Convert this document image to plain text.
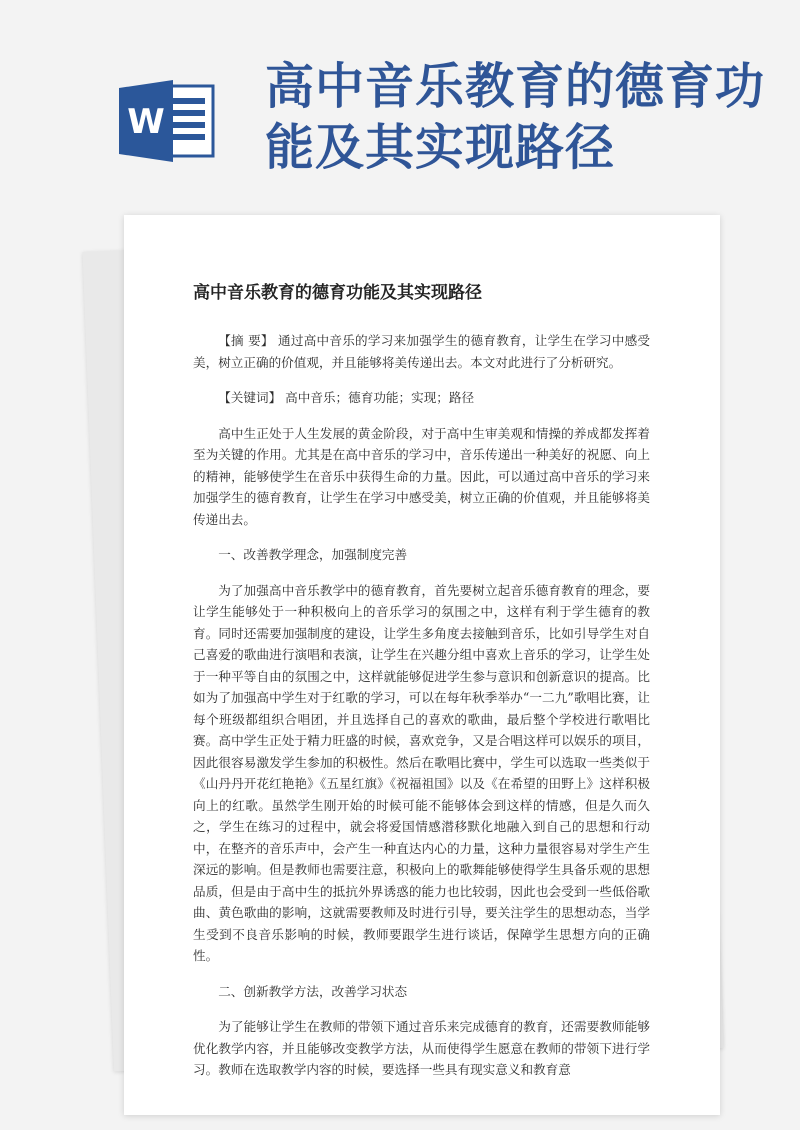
W
高中音乐教育的德育功能及其实现路径
高中音乐教育的德育功能及其实现路径

【摘 要】 通过高中音乐的学习来加强学生的德育教育，让学生在学习中感受美，树立正确的价值观，并且能够将美传递出去。本文对此进行了分析研究。

【关键词】 高中音乐；德育功能；实现；路径

高中生正处于人生发展的黄金阶段，对于高中生审美观和情操的养成都发挥着至为关键的作用。尤其是在高中音乐的学习中，音乐传递出一种美好的祝愿、向上的精神，能够使学生在音乐中获得生命的力量。因此，可以通过高中音乐的学习来加强学生的德育教育，让学生在学习中感受美，树立正确的价值观，并且能够将美传递出去。

一、改善教学理念，加强制度完善

为了加强高中音乐教学中的德育教育，首先要树立起音乐德育教育的理念，要让学生能够处于一种积极向上的音乐学习的氛围之中，这样有利于学生德育的教育。同时还需要加强制度的建设，让学生多角度去接触到音乐，比如引导学生对自己喜爱的歌曲进行演唱和表演，让学生在兴趣分组中喜欢上音乐的学习，让学生处于一种平等自由的氛围之中，这样就能够促进学生参与意识和创新意识的提高。比如为了加强高中学生对于红歌的学习，可以在每年秋季举办“一二九”歌唱比赛，让每个班级都组织合唱团，并且选择自己的喜欢的歌曲，最后整个学校进行歌唱比赛。高中学生正处于精力旺盛的时候，喜欢竞争，又是合唱这样可以娱乐的项目，因此很容易激发学生参加的积极性。然后在歌唱比赛中，学生可以选取一些类似于《山丹丹开花红艳艳》《五星红旗》《祝福祖国》以及《在希望的田野上》这样积极向上的红歌。虽然学生刚开始的时候可能不能够体会到这样的情感，但是久而久之，学生在练习的过程中，就会将爱国情感潜移默化地融入到自己的思想和行动中，在整齐的音乐声中，会产生一种直达内心的力量，这种力量很容易对学生产生深远的影响。但是教师也需要注意，积极向上的歌舞能够使得学生具备乐观的思想品质，但是由于高中生的抵抗外界诱惑的能力也比较弱，因此也会受到一些低俗歌曲、黄色歌曲的影响，这就需要教师及时进行引导，要关注学生的思想动态，当学生受到不良音乐影响的时候，教师要跟学生进行谈话，保障学生思想方向的正确性。

二、创新教学方法，改善学习状态

为了能够让学生在教师的带领下通过音乐来完成德育的教育，还需要教师能够优化教学内容，并且能够改变教学方法，从而使得学生愿意在教师的带领下进行学习。教师在选取教学内容的时候，要选择一些具有现实意义和教育意
